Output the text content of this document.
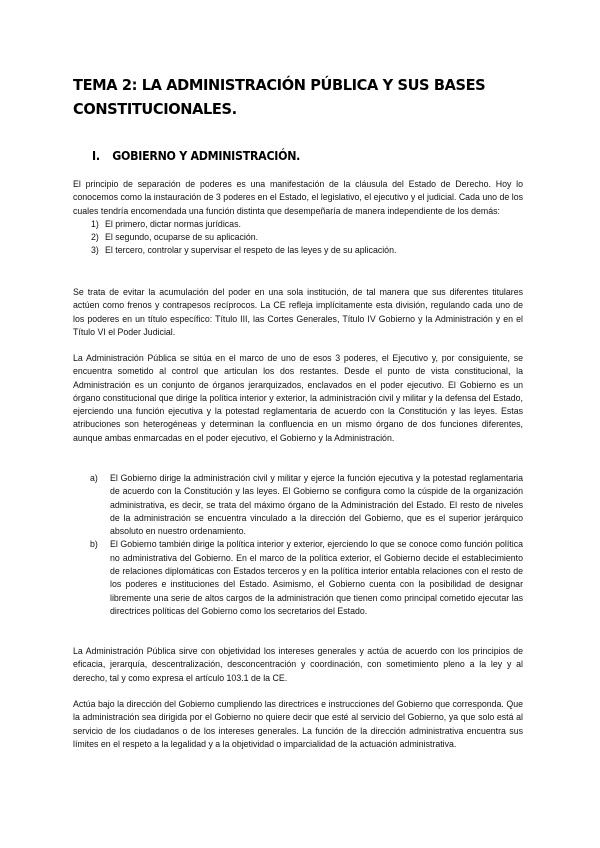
TEMA 2: LA ADMINISTRACIÓN PÚBLICA Y SUS BASES CONSTITUCIONALES.
I. GOBIERNO Y ADMINISTRACIÓN.

El principio de separación de poderes es una manifestación de la cláusula del Estado de Derecho. Hoy lo conocemos como la instauración de 3 poderes en el Estado, el legislativo, el ejecutivo y el judicial. Cada uno de los cuales tendría encomendada una función distinta que desempeñaría de manera independiente de los demás:

1) El primero, dictar normas jurídicas.
2) El segundo, ocuparse de su aplicación.
3) El tercero, controlar y supervisar el respeto de las leyes y de su aplicación.

Se trata de evitar la acumulación del poder en una sola institución, de tal manera que sus diferentes titulares actúen como frenos y contrapesos recíprocos. La CE refleja implícitamente esta división, regulando cada uno de los poderes en un título específico: Título III, las Cortes Generales, Título IV Gobierno y la Administración y en el Título VI el Poder Judicial.

La Administración Pública se sitúa en el marco de uno de esos 3 poderes, el Ejecutivo y, por consiguiente, se encuentra sometido al control que articulan los dos restantes. Desde el punto de vista constitucional, la Administración es un conjunto de órganos jerarquizados, enclavados en el poder ejecutivo. El Gobierno es un órgano constitucional que dirige la política interior y exterior, la administración civil y militar y la defensa del Estado, ejerciendo una función ejecutiva y la potestad reglamentaria de acuerdo con la Constitución y las leyes. Estas atribuciones son heterogéneas y determinan la confluencia en un mismo órgano de dos funciones diferentes, aunque ambas enmarcadas en el poder ejecutivo, el Gobierno y la Administración.

a)	El Gobierno dirige la administración civil y militar y ejerce la función ejecutiva y la potestad reglamentaria de acuerdo con la Constitución y las leyes. El Gobierno se configura como la cúspide de la organización administrativa, es decir, se trata del máximo órgano de la Administración del Estado. El resto de niveles de la administración se encuentra vinculado a la dirección del Gobierno, que es el superior jerárquico absoluto en nuestro ordenamiento.
b)	El Gobierno también dirige la política interior y exterior, ejerciendo lo que se conoce como función política no administrativa del Gobierno. En el marco de la política exterior, el Gobierno decide el establecimiento de relaciones diplomáticas con Estados terceros y en la política interior entabla relaciones con el resto de los poderes e instituciones del Estado. Asimismo, el Gobierno cuenta con la posibilidad de designar libremente una serie de altos cargos de la administración que tienen como principal cometido ejecutar las directrices políticas del Gobierno como los secretarios del Estado.

La Administración Pública sirve con objetividad los intereses generales y actúa de acuerdo con los principios de eficacia, jerarquía, descentralización, desconcentración y coordinación, con sometimiento pleno a la ley y al derecho, tal y como expresa el artículo 103.1 de la CE.

Actúa bajo la dirección del Gobierno cumpliendo las directrices e instrucciones del Gobierno que corresponda. Que la administración sea dirigida por el Gobierno no quiere decir que esté al servicio del Gobierno, ya que solo está al servicio de los ciudadanos o de los intereses generales. La función de la dirección administrativa encuentra sus límites en el respeto a la legalidad y a la objetividad o imparcialidad de la actuación administrativa.
